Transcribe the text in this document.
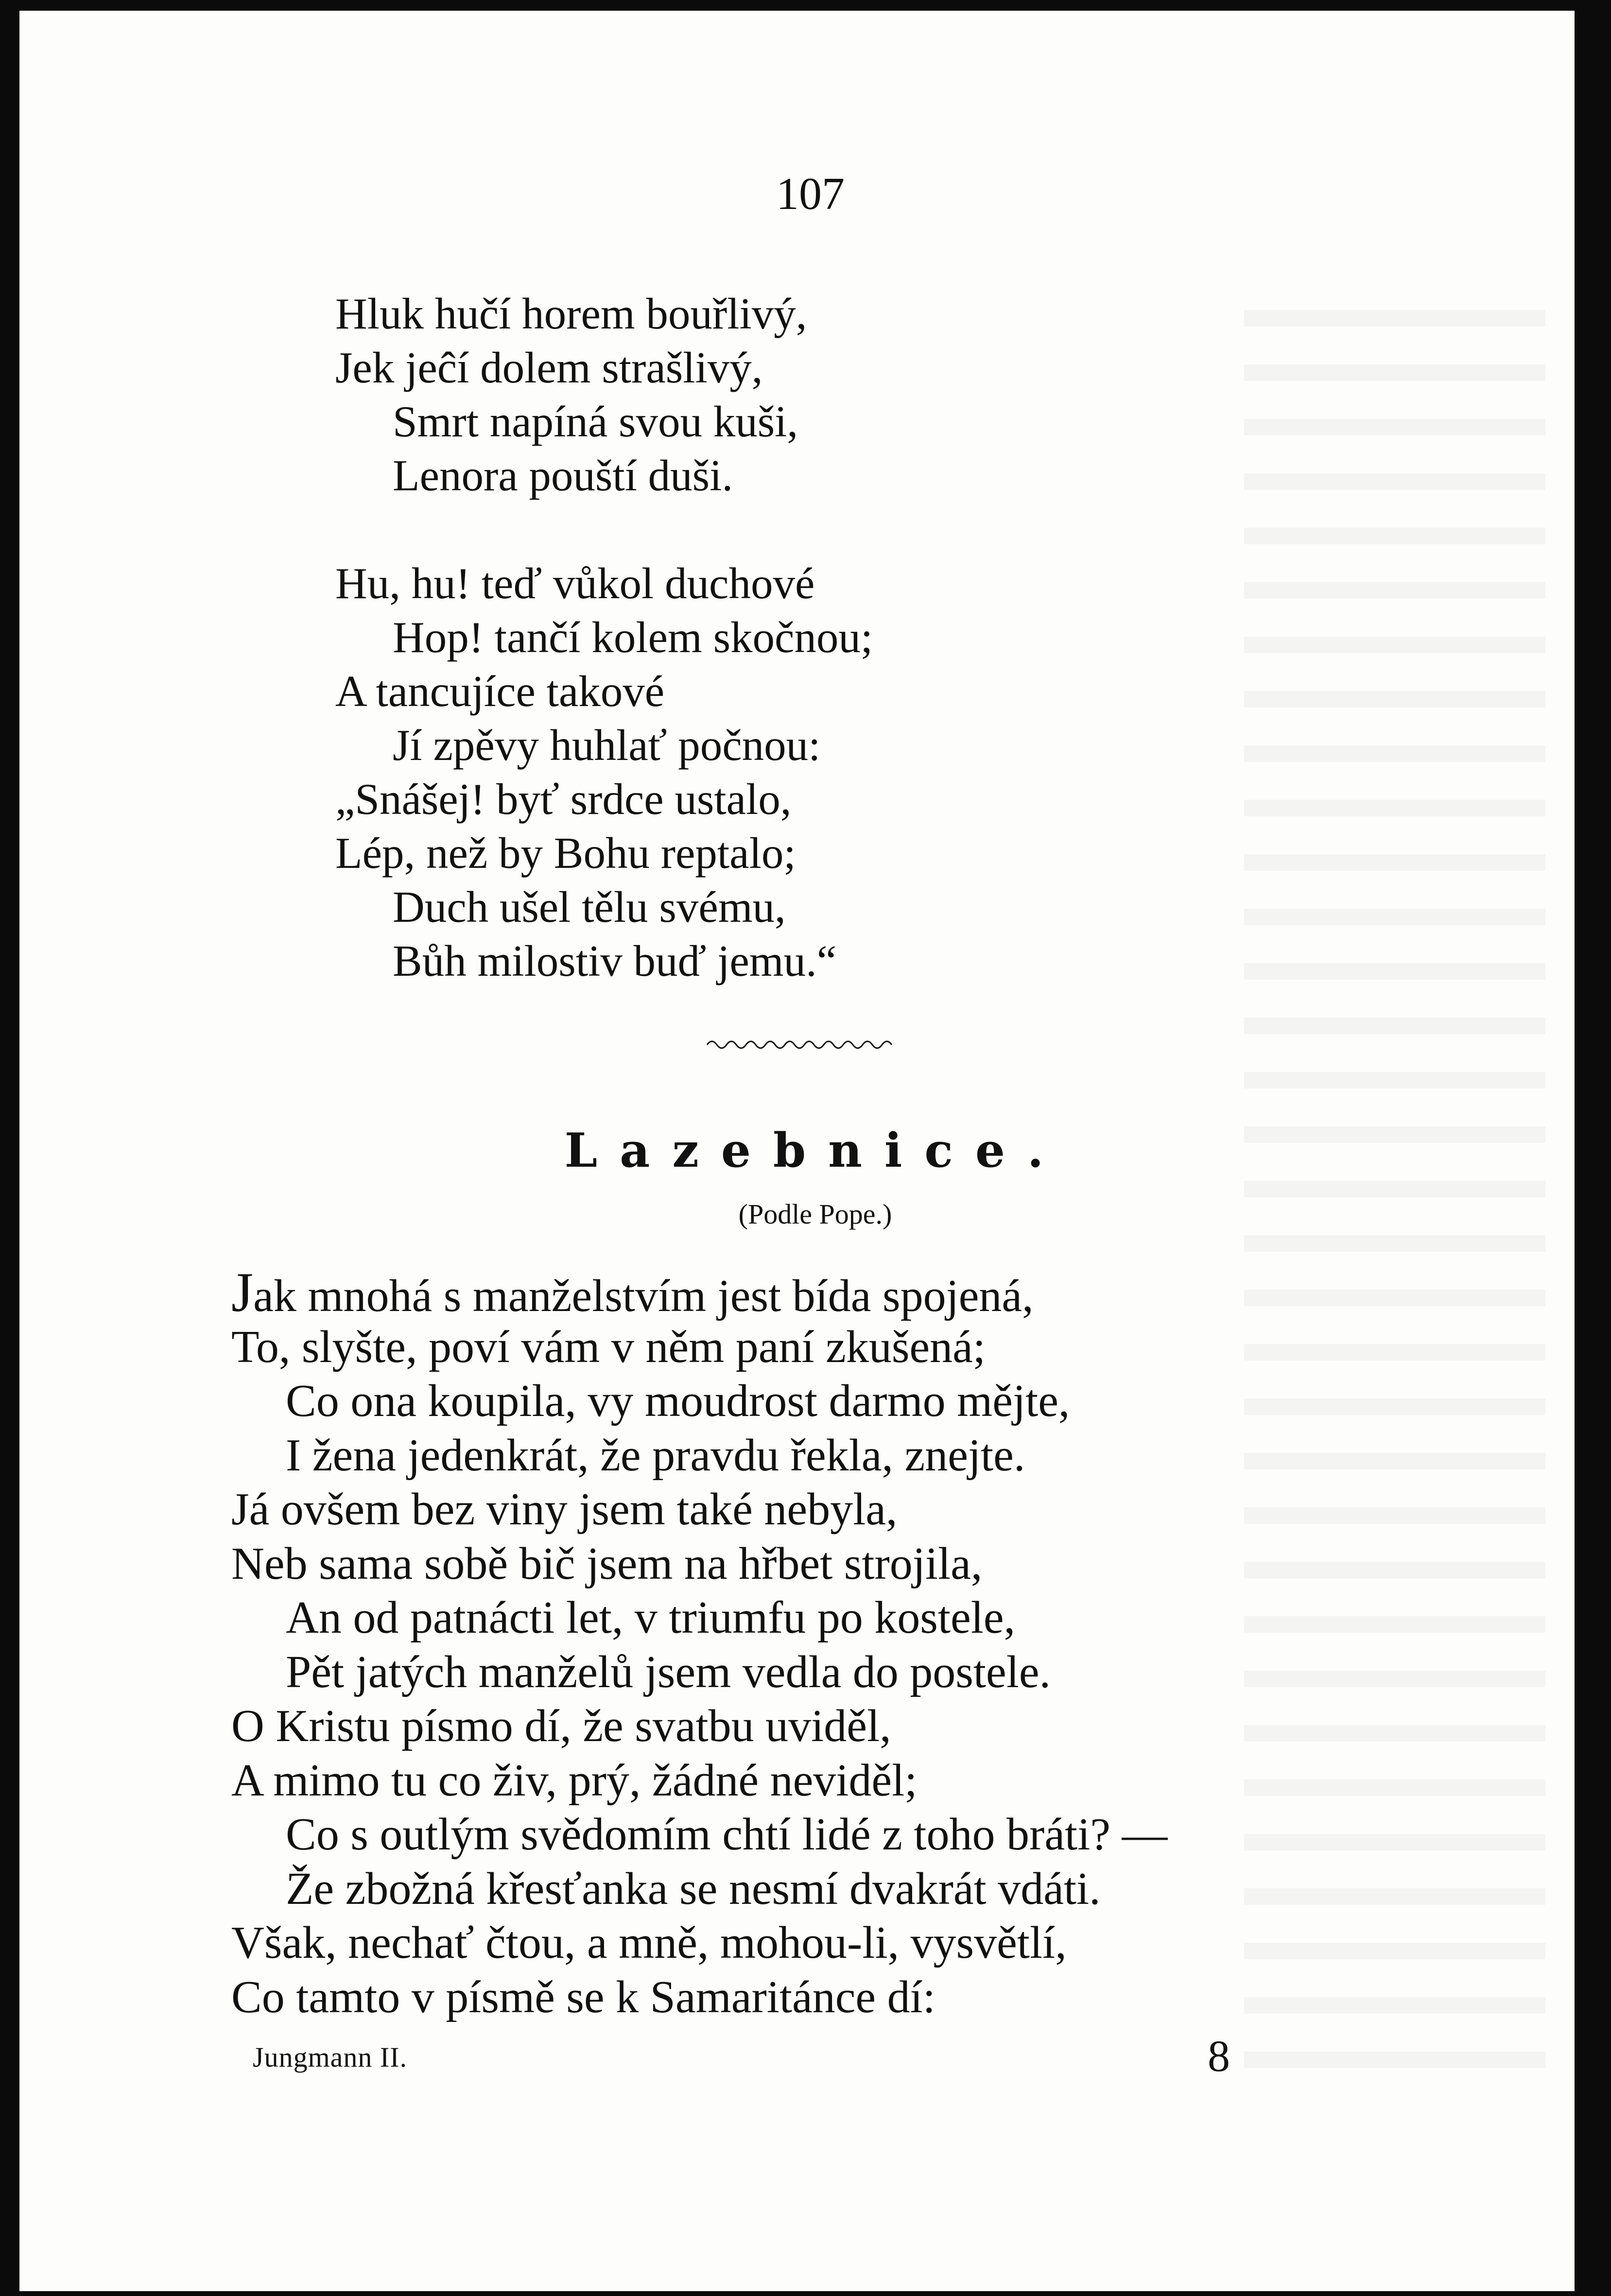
107
Hluk hučí horem bouřlivý,
Jek jeĉí dolem strašlivý,
Smrt napíná svou kuši,
Lenora pouští duši.
Hu, hu! teď vůkol duchové
Hop! tančí kolem skočnou;
A tancujíce takové
Jí zpěvy huhlať počnou:
„Snášej! byť srdce ustalo,
Lép, než by Bohu reptalo;
Duch ušel tělu svému,
Bůh milostiv buď jemu.“
Lazebnice.
(Podle Pope.)
Jak mnohá s manželstvím jest bída spojená,
To, slyšte, poví vám v něm paní zkušená;
Co ona koupila, vy moudrost darmo mějte,
I žena jedenkrát, že pravdu řekla, znejte.
Já ovšem bez viny jsem také nebyla,
Neb sama sobě bič jsem na hřbet strojila,
An od patnácti let, v triumfu po kostele,
Pět jatých manželů jsem vedla do postele.
O Kristu písmo dí, že svatbu uviděl,
A mimo tu co živ, prý, žádné neviděl;
Co s outlým svědomím chtí lidé z toho bráti? —
Že zbožná křesťanka se nesmí dvakrát vdáti.
Však, nechať čtou, a mně, mohou-li, vysvětlí,
Co tamto v písmě se k Samaritánce dí:
Jungmann II.	8
